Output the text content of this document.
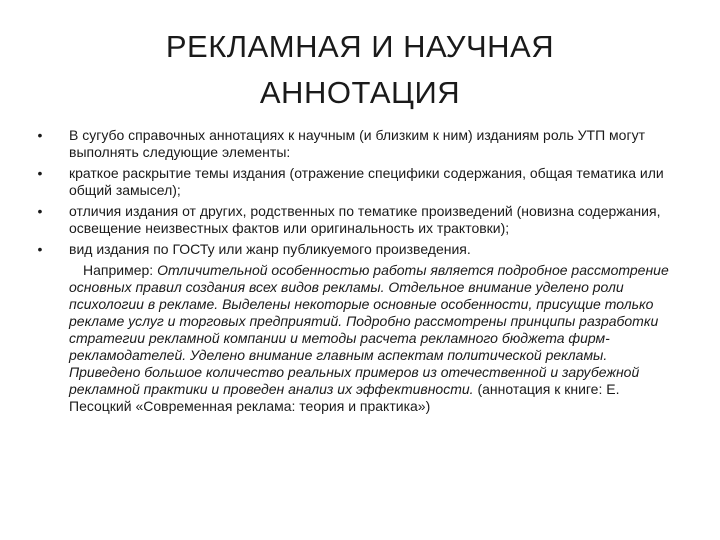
РЕКЛАМНАЯ И НАУЧНАЯ
АННОТАЦИЯ
• В сугубо справочных аннотациях к научным (и близким к ним) изданиям роль УТП могут выполнять следующие элементы:
• краткое раскрытие темы издания (отражение специфики содержания, общая тематика или общий замысел);
• отличия издания от других, родственных по тематике произведений (новизна содержания, освещение неизвестных фактов или оригинальность их трактовки);
• вид издания по ГОСТу или жанр публикуемого произведения.

Например: Отличительной особенностью работы является подробное рассмотрение основных правил создания всех видов рекламы. Отдельное внимание уделено роли психологии в рекламе. Выделены некоторые основные особенности, присущие только рекламе услуг и торговых предприятий. Подробно рассмотрены принципы разработки стратегии рекламной компании и методы расчета рекламного бюджета фирм-рекламодателей. Уделено внимание главным аспектам политической рекламы. Приведено большое количество реальных примеров из отечественной и зарубежной рекламной практики и проведен анализ их эффективности. (аннотация к книге: Е. Песоцкий «Современная реклама: теория и практика»)
